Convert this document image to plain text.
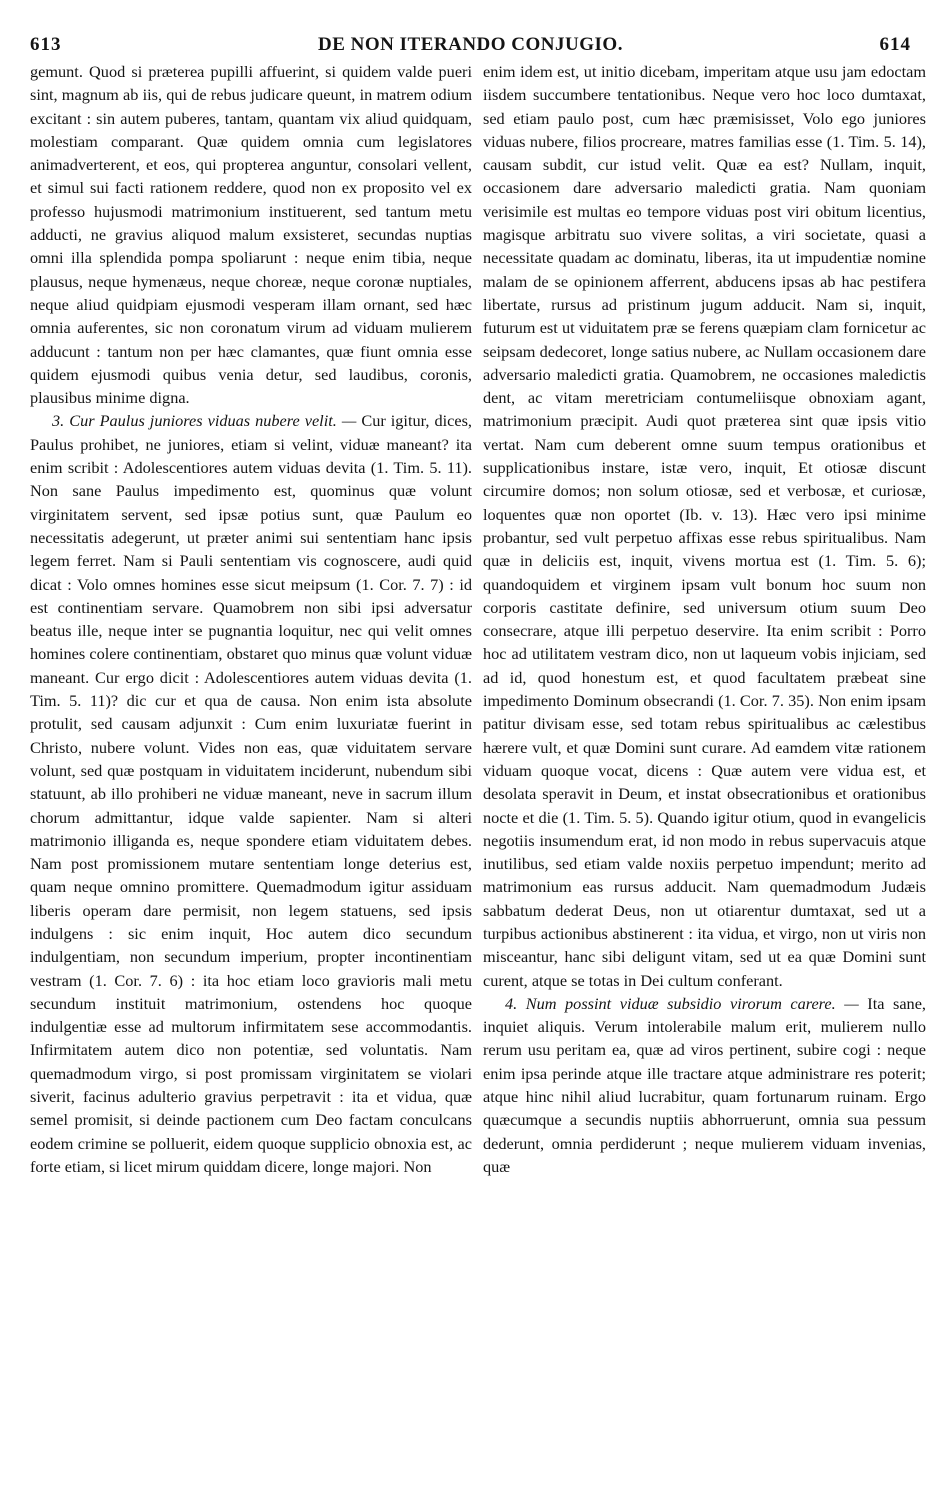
613	DE NON ITERANDO CONJUGIO.	614

gemunt. Quod si præterea pupilli affuerint, si quidem valde pueri sint, magnum ab iis, qui de rebus judicare queunt, in matrem odium excitant : sin autem puberes, tantam, quantam vix aliud quidquam, molestiam comparant. Quæ quidem omnia cum legislatores animadverterent, et eos, qui propterea anguntur, consolari vellent, et simul sui facti rationem reddere, quod non ex proposito vel ex professo hujusmodi matrimonium instituerent, sed tantum metu adducti, ne gravius aliquod malum exsisteret, secundas nuptias omni illa splendida pompa spoliarunt : neque enim tibia, neque plausus, neque hymenæus, neque choreæ, neque coronæ nuptiales, neque aliud quidpiam ejusmodi vesperam illam ornant, sed hæc omnia auferentes, sic non coronatum virum ad viduam mulierem adducunt : tantum non per hæc clamantes, quæ fiunt omnia esse quidem ejusmodi quibus venia detur, sed laudibus, coronis, plausibus minime digna.

3. Cur Paulus juniores viduas nubere velit. — Cur igitur, dices, Paulus prohibet, ne juniores, etiam si velint, viduæ maneant? ita enim scribit : Adolescentiores autem viduas devita (1. Tim. 5. 11). Non sane Paulus impedimento est, quominus quæ volunt virginitatem servent, sed ipsæ potius sunt, quæ Paulum eo necessitatis adegerunt, ut præter animi sui sententiam hanc ipsis legem ferret. Nam si Pauli sententiam vis cognoscere, audi quid dicat : Volo omnes homines esse sicut meipsum (1. Cor. 7. 7) : id est continentiam servare. Quamobrem non sibi ipsi adversatur beatus ille, neque inter se pugnantia loquitur, nec qui velit omnes homines colere continentiam, obstaret quo minus quæ volunt viduæ maneant. Cur ergo dicit : Adolescentiores autem viduas devita (1. Tim. 5. 11)? dic cur et qua de causa. Non enim ista absolute protulit, sed causam adjunxit : Cum enim luxuriatæ fuerint in Christo, nubere volunt. Vides non eas, quæ viduitatem servare volunt, sed quæ postquam in viduitatem inciderunt, nubendum sibi statuunt, ab illo prohiberi ne viduæ maneant, neve in sacrum illum chorum admittantur, idque valde sapienter. Nam si alteri matrimonio illiganda es, neque spondere etiam viduitatem debes. Nam post promissionem mutare sententiam longe deterius est, quam neque omnino promittere. Quemadmodum igitur assiduam liberis operam dare permisit, non legem statuens, sed ipsis indulgens : sic enim inquit, Hoc autem dico secundum indulgentiam, non secundum imperium, propter incontinentiam vestram (1. Cor. 7. 6) : ita hoc etiam loco gravioris mali metu secundum instituit matrimonium, ostendens hoc quoque indulgentiæ esse ad multorum infirmitatem sese accommodantis. Infirmitatem autem dico non potentiæ, sed voluntatis. Nam quemadmodum virgo, si post promissam virginitatem se violari siverit, facinus adulterio gravius perpetravit : ita et vidua, quæ semel promisit, si deinde pactionem cum Deo factam conculcans eodem crimine se polluerit, eidem quoque supplicio obnoxia est, ac forte etiam, si licet mirum quiddam dicere, longe majori. Non

enim idem est, ut initio dicebam, imperitam atque usu jam edoctam iisdem succumbere tentationibus. Neque vero hoc loco dumtaxat, sed etiam paulo post, cum hæc præmisisset, Volo ego juniores viduas nubere, filios procreare, matres familias esse (1. Tim. 5. 14), causam subdit, cur istud velit. Quæ ea est? Nullam, inquit, occasionem dare adversario maledicti gratia. Nam quoniam verisimile est multas eo tempore viduas post viri obitum licentius, magisque arbitratu suo vivere solitas, a viri societate, quasi a necessitate quadam ac dominatu, liberas, ita ut impudentiæ nomine malam de se opinionem afferrent, abducens ipsas ab hac pestifera libertate, rursus ad pristinum jugum adducit. Nam si, inquit, futurum est ut viduitatem præ se ferens quæpiam clam fornicetur ac seipsam dedecoret, longe satius nubere, ac Nullam occasionem dare adversario maledicti gratia. Quamobrem, ne occasiones maledictis dent, ac vitam meretriciam contumeliisque obnoxiam agant, matrimonium præcipit. Audi quot præterea sint quæ ipsis vitio vertat. Nam cum deberent omne suum tempus orationibus et supplicationibus instare, istæ vero, inquit, Et otiosæ discunt circumire domos; non solum otiosæ, sed et verbosæ, et curiosæ, loquentes quæ non oportet (Ib. v. 13). Hæc vero ipsi minime probantur, sed vult perpetuo affixas esse rebus spiritualibus. Nam quæ in deliciis est, inquit, vivens mortua est (1. Tim. 5. 6); quandoquidem et virginem ipsam vult bonum hoc suum non corporis castitate definire, sed universum otium suum Deo consecrare, atque illi perpetuo deservire. Ita enim scribit : Porro hoc ad utilitatem vestram dico, non ut laqueum vobis injiciam, sed ad id, quod honestum est, et quod facultatem præbeat sine impedimento Dominum obsecrandi (1. Cor. 7. 35). Non enim ipsam patitur divisam esse, sed totam rebus spiritualibus ac cælestibus hærere vult, et quæ Domini sunt curare. Ad eamdem vitæ rationem viduam quoque vocat, dicens : Quæ autem vere vidua est, et desolata speravit in Deum, et instat obsecrationibus et orationibus nocte et die (1. Tim. 5. 5). Quando igitur otium, quod in evangelicis negotiis insumendum erat, id non modo in rebus supervacuis atque inutilibus, sed etiam valde noxiis perpetuo impendunt; merito ad matrimonium eas rursus adducit. Nam quemadmodum Judæis sabbatum dederat Deus, non ut otiarentur dumtaxat, sed ut a turpibus actionibus abstinerent : ita vidua, et virgo, non ut viris non misceantur, hanc sibi deligunt vitam, sed ut ea quæ Domini sunt curent, atque se totas in Dei cultum conferant.

4. Num possint viduæ subsidio virorum carere. — Ita sane, inquiet aliquis. Verum intolerabile malum erit, mulierem nullo rerum usu peritam ea, quæ ad viros pertinent, subire cogi : neque enim ipsa perinde atque ille tractare atque administrare res poterit; atque hinc nihil aliud lucrabitur, quam fortunarum ruinam. Ergo quæcumque a secundis nuptiis abhorruerunt, omnia sua pessum dederunt, omnia perdiderunt ; neque mulierem viduam invenias, quæ
